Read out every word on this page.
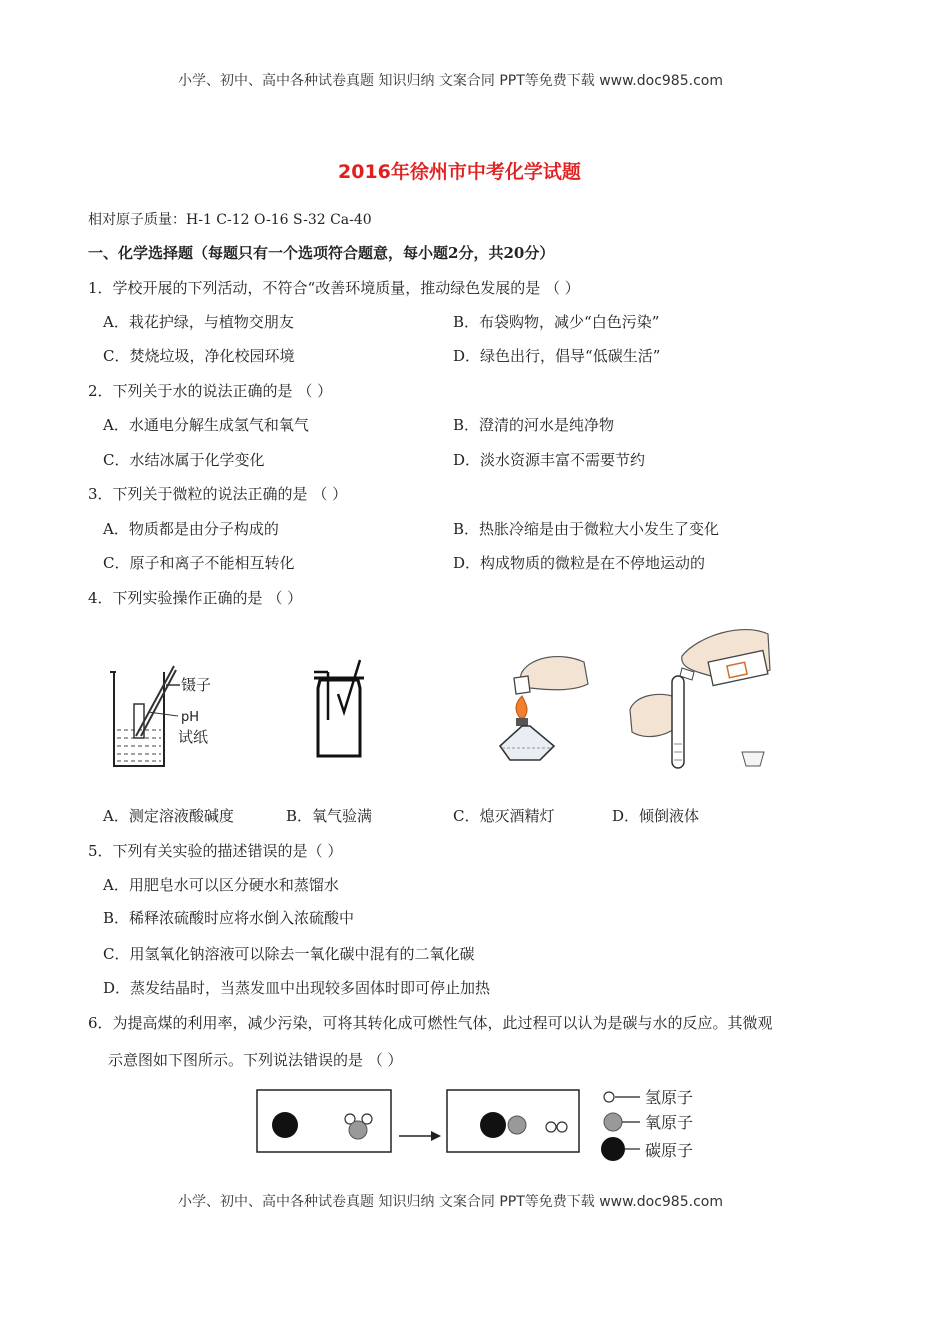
小学、初中、高中各种试卷真题 知识归纳 文案合同 PPT等免费下载 www.doc985.com
2016年徐州市中考化学试题
相对原子质量：H-1 C-12 O-16 S-32 Ca-40
一、化学选择题（每题只有一个选项符合题意，每小题2分，共20分）
1．学校开展的下列活动，不符合“改善环境质量，推动绿色发展的是 （ ）
A．栽花护绿，与植物交朋友	B．布袋购物，减少“白色污染”
C．焚烧垃圾，净化校园环境	D．绿色出行，倡导“低碳生活”
2．下列关于水的说法正确的是 （ ）
A．水通电分解生成氢气和氧气	B．澄清的河水是纯净物
C．水结冰属于化学变化	D．淡水资源丰富不需要节约
3．下列关于微粒的说法正确的是 （ ）
A．物质都是由分子构成的	B．热胀冷缩是由于微粒大小发生了变化
C．原子和离子不能相互转化	D．构成物质的微粒是在不停地运动的
4．下列实验操作正确的是 （ ）
镊子
pH
试纸
A．测定溶液酸碱度	B．氧气验满	C．熄灭酒精灯	D．倾倒液体
5．下列有关实验的描述错误的是（ ）
A．用肥皂水可以区分硬水和蒸馏水
B．稀释浓硫酸时应将水倒入浓硫酸中
C．用氢氧化钠溶液可以除去一氧化碳中混有的二氧化碳
D．蒸发结晶时，当蒸发皿中出现较多固体时即可停止加热
6．为提高煤的利用率，减少污染，可将其转化成可燃性气体，此过程可以认为是碳与水的反应。其微观
示意图如下图所示。下列说法错误的是 （ ）
氢原子
氧原子
碳原子
小学、初中、高中各种试卷真题 知识归纳 文案合同 PPT等免费下载 www.doc985.com
